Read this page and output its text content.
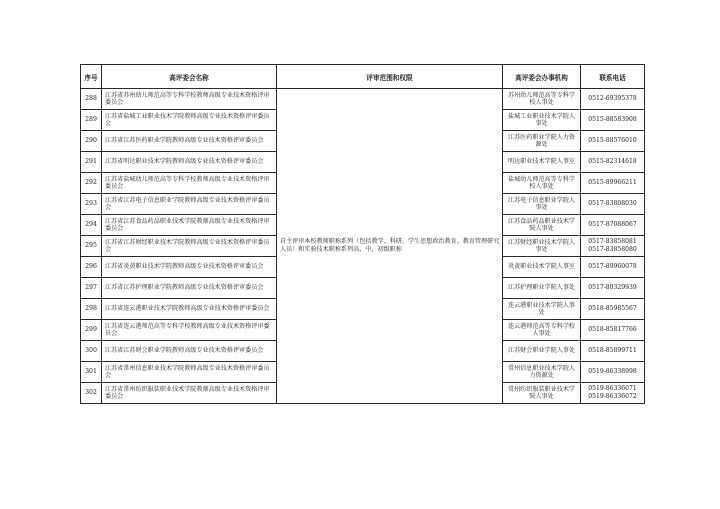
序号	高评委会名称	评审范围和权限	高评委会办事机构	联系电话
288	江苏省苏州幼儿师范高等专科学校教师高级专业技术资格评审委员会	自主评审本校教师职称系列（包括教学、科研、学生思想政治教育、教育管理研究人员）和实验技术职称系列高、中、初级职称	苏州幼儿师范高等专科学校人事处	0512-69395378

289	江苏省盐城工业职业技术学院教师高级专业技术资格评审委员会		盐城工业职业技术学院人事处	0515-88583908

290	江苏省江苏医药职业学院教师高级专业技术资格评审委员会		江苏医药职业学院人力资源处	0515-88576010

291	江苏省明达职业技术学院教师高级专业技术资格评审委员会		明达职业技术学院人事室	0515-82314618

292	江苏省盐城幼儿师范高等专科学校教师高级专业技术资格评审委员会		盐城幼儿师范高等专科学校人事处	0515-89966211

293	江苏省江苏电子信息职业学院教师高级专业技术资格评审委员会		江苏电子信息职业学院人事处	0517-83808030

294	江苏省江苏食品药品职业技术学院教师高级专业技术资格评审委员会		江苏食品药品职业技术学院人事处	0517-87088067

295	江苏省江苏财经职业技术学院教师高级专业技术资格评审委员会		江苏财经职业技术学院人事处	0517-83858081
0517-83858080

296	江苏省炎黄职业技术学院教师高级专业技术资格评审委员会		炎黄职业技术学院人事室	0517-89960078

297	江苏省江苏护理职业学院教师高级专业技术资格评审委员会		江苏护理职业学院人事处	0517-80329939

298	江苏省连云港职业技术学院教师高级专业技术资格评审委员会		连云港职业技术学院人事处	0518-85985567

299	江苏省连云港师范高等专科学校教师高级专业技术资格评审委员会		连云港师范高等专科学校人事处	0518-85817766

300	江苏省江苏财会职业学院教师高级专业技术资格评审委员会		江苏财会职业学院人事处	0518-85899711

301	江苏省常州信息职业技术学院教师高级专业技术资格评审委员会		常州信息职业技术学院人力资源处	0519-86338998

302	江苏省常州纺织服装职业技术学院教师高级专业技术资格评审委员会		常州纺织服装职业技术学院人事处	0519-86336071
0519-86336072
